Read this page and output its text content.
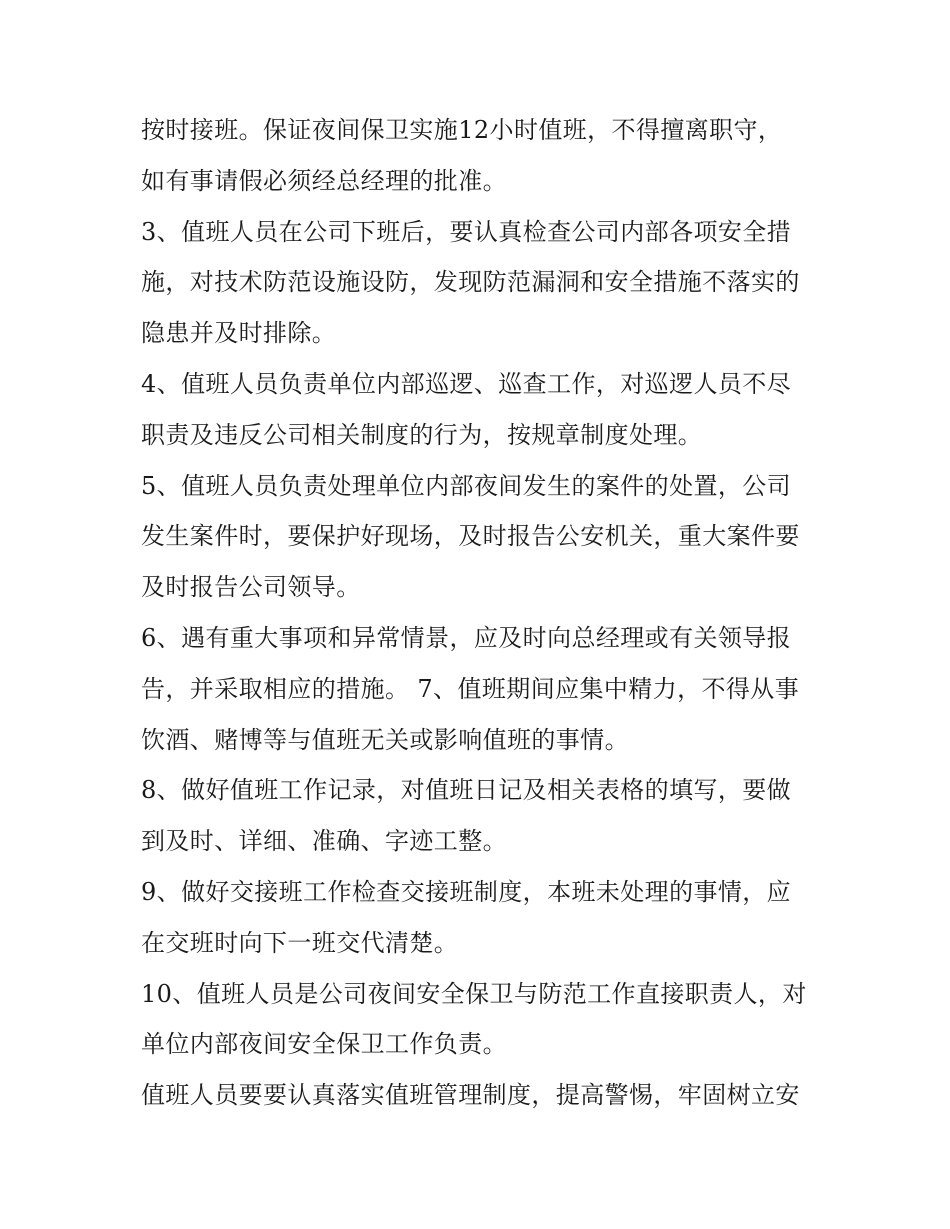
按时接班。保证夜间保卫实施12小时值班，不得擅离职守，
如有事请假必须经总经理的批准。
3、值班人员在公司下班后，要认真检查公司内部各项安全措
施，对技术防范设施设防，发现防范漏洞和安全措施不落实的
隐患并及时排除。
4、值班人员负责单位内部巡逻、巡查工作，对巡逻人员不尽
职责及违反公司相关制度的行为，按规章制度处理。
5、值班人员负责处理单位内部夜间发生的案件的处置，公司
发生案件时，要保护好现场，及时报告公安机关，重大案件要
及时报告公司领导。
6、遇有重大事项和异常情景，应及时向总经理或有关领导报
告，并采取相应的措施。 7、值班期间应集中精力，不得从事
饮酒、赌博等与值班无关或影响值班的事情。
8、做好值班工作记录，对值班日记及相关表格的填写，要做
到及时、详细、准确、字迹工整。
9、做好交接班工作检查交接班制度，本班未处理的事情，应
在交班时向下一班交代清楚。
10、值班人员是公司夜间安全保卫与防范工作直接职责人，对
单位内部夜间安全保卫工作负责。
值班人员要要认真落实值班管理制度，提高警惕，牢固树立安
